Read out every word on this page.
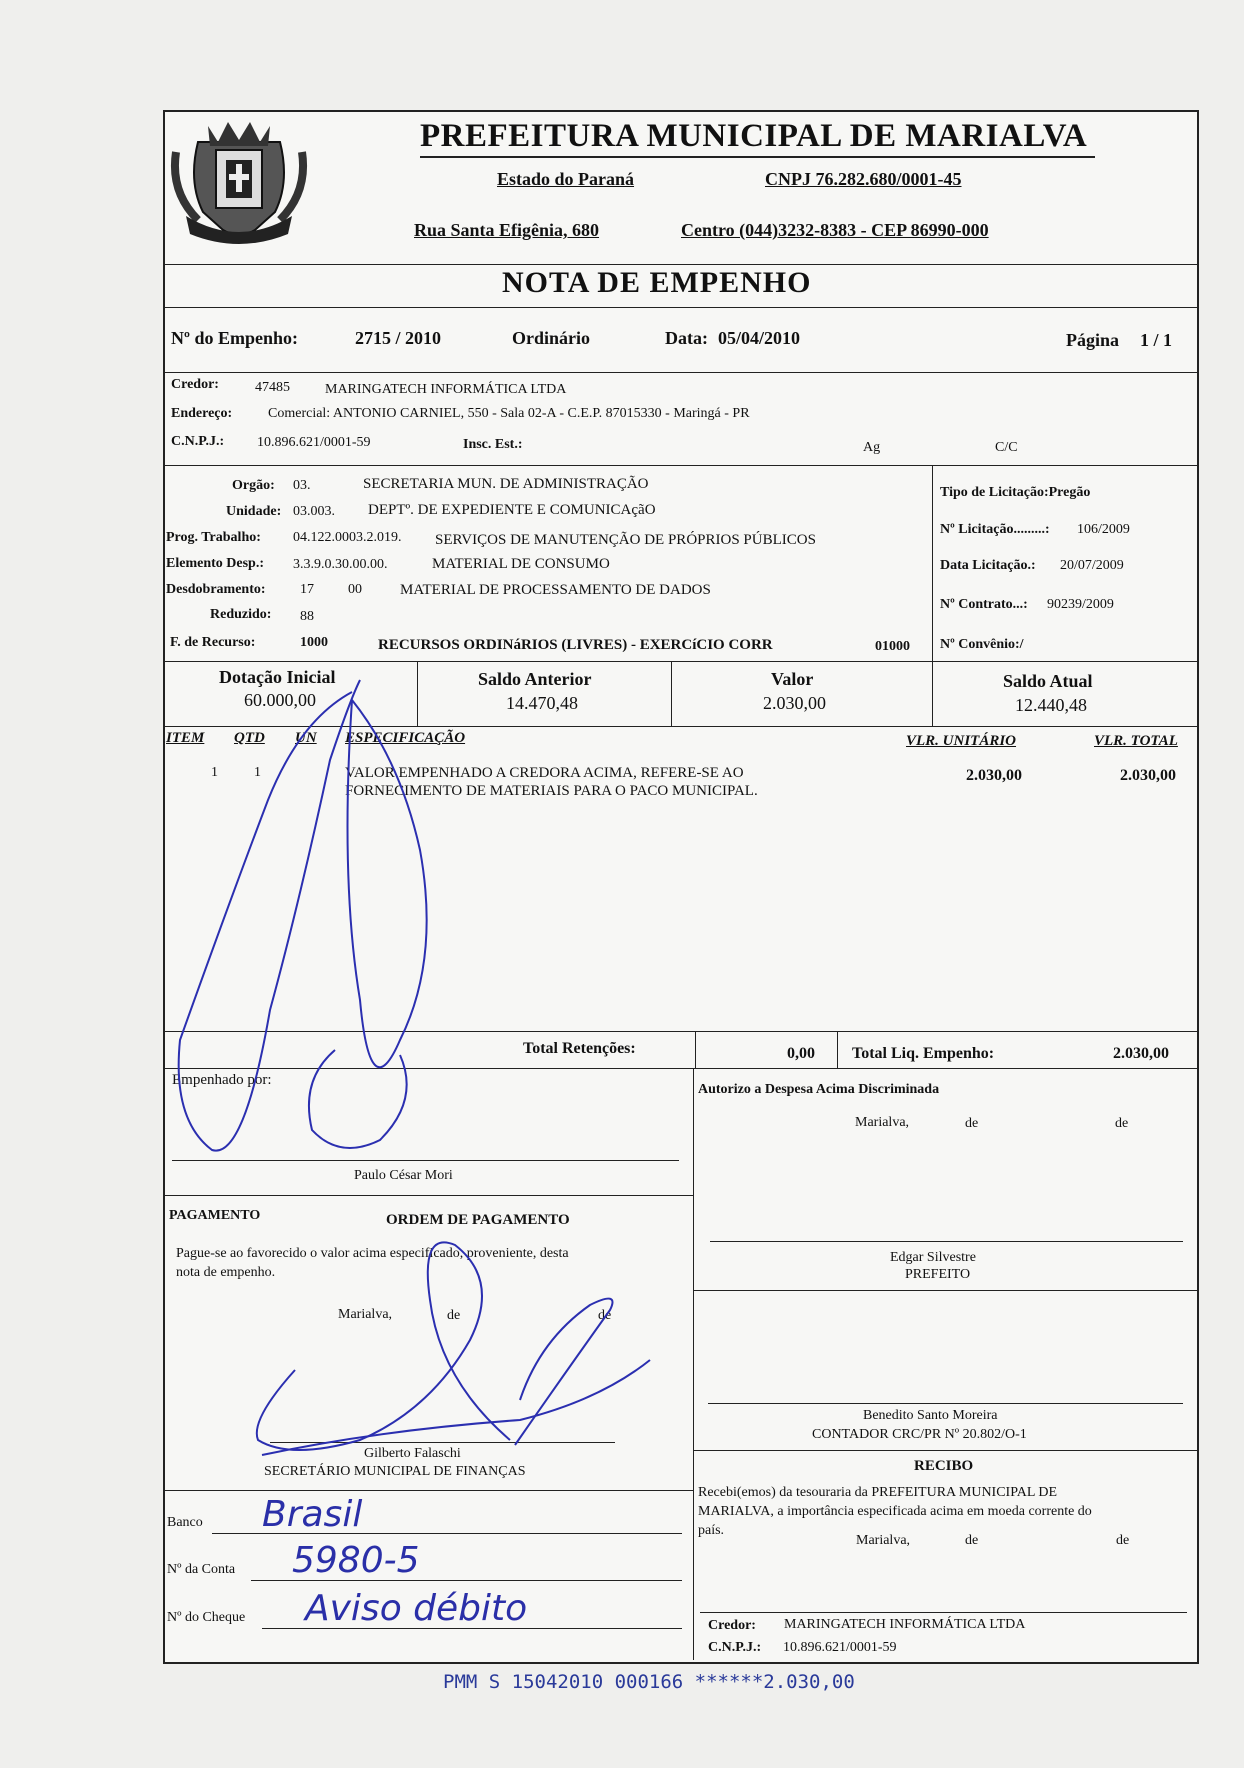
PREFEITURA MUNICIPAL DE MARIALVA
Estado do Paraná	CNPJ 76.282.680/0001-45
Rua Santa Efigênia, 680	Centro (044)3232-8383 - CEP 86990-000
NOTA DE EMPENHO
Nº do Empenho:	2715 / 2010	Ordinário	Data: 05/04/2010	Página 1 / 1
Credor:	47485	MARINGATECH INFORMÁTICA LTDA
Endereço:	Comercial: ANTONIO CARNIEL, 550 - Sala 02-A - C.E.P. 87015330 - Maringá - PR
C.N.P.J.: 10.896.621/0001-59	Insc. Est.:	Ag	C/C
Orgão: 03.	SECRETARIA MUN. DE ADMINISTRAÇÃO
Unidade: 03.003. DEPTº. DE EXPEDIENTE E COMUNICAçãO
Prog. Trabalho: 04.122.0003.2.019. SERVIÇOS DE MANUTENÇÃO DE PRÓPRIOS PÚBLICOS
Elemento Desp.: 3.3.9.0.30.00.00.	MATERIAL DE CONSUMO
Desdobramento: 17 00	MATERIAL DE PROCESSAMENTO DE DADOS
Reduzido: 88
F. de Recurso:	1000	RECURSOS ORDINáRIOS (LIVRES) - EXERCíCIO CORR	01000
Tipo de Licitação:Pregão
Nº Licitação.........: 106/2009
Data Licitação.: 20/07/2009
Nº Contrato...: 90239/2009
Nº Convênio:/
Dotação Inicial
60.000,00
Saldo Anterior
14.470,48
Valor
2.030,00
Saldo Atual
12.440,48
ITEM QTD UN ESPECIFICAÇÃO	VLR. UNITÁRIO	VLR. TOTAL
1	1	VALOR EMPENHADO A CREDORA ACIMA, REFERE-SE AO
FORNECIMENTO DE MATERIAIS PARA O PACO MUNICIPAL.
2.030,00	2.030,00
Total Retenções:	0,00 Total Liq. Empenho:	2.030,00
Empenhado por:
Paulo César Mori
Autorizo a Despesa Acima Discriminada
Marialva,	de	de
Edgar Silvestre
PREFEITO
Benedito Santo Moreira
CONTADOR CRC/PR Nº 20.802/O-1
PAGAMENTO	ORDEM DE PAGAMENTO
Pague-se ao favorecido o valor acima especificado, proveniente, desta
nota de empenho.
Marialva,	de	de
Gilberto Falaschi
SECRETÁRIO MUNICIPAL DE FINANÇAS
Banco Brasil
Nº da Conta 5980-5
Nº do Cheque Aviso débito
RECIBO
Recebi(emos) da tesouraria da PREFEITURA MUNICIPAL DE
MARIALVA, a importância especificada acima em moeda corrente do
país.
Marialva,	de	de
Credor: MARINGATECH INFORMÁTICA LTDA
C.N.P.J.: 10.896.621/0001-59
PMM S 15042010 000166 ******2.030,00
